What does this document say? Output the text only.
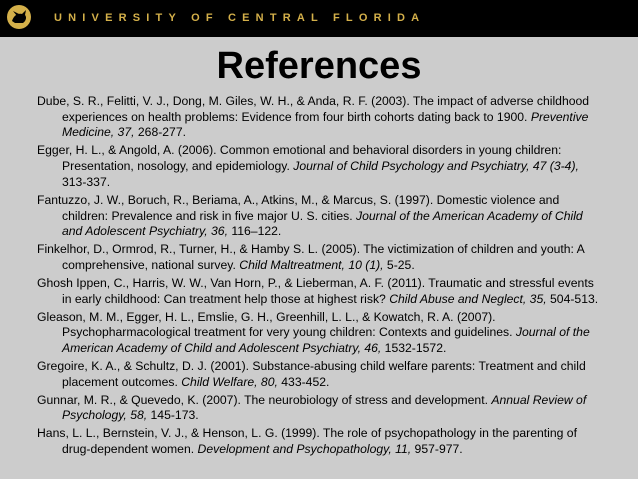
UNIVERSITY OF CENTRAL FLORIDA
References

Dube, S. R., Felitti, V. J., Dong, M. Giles, W. H., & Anda, R. F. (2003). The impact of adverse childhood experiences on health problems: Evidence from four birth cohorts dating back to 1900. Preventive Medicine, 37, 268-277.

Egger, H. L., & Angold, A. (2006). Common emotional and behavioral disorders in young children: Presentation, nosology, and epidemiology. Journal of Child Psychology and Psychiatry, 47 (3-4), 313-337.

Fantuzzo, J. W., Boruch, R., Beriama, A., Atkins, M., & Marcus, S. (1997). Domestic violence and children: Prevalence and risk in five major U. S. cities. Journal of the American Academy of Child and Adolescent Psychiatry, 36, 116–122.

Finkelhor, D., Ormrod, R., Turner, H., & Hamby S. L. (2005). The victimization of children and youth: A comprehensive, national survey. Child Maltreatment, 10 (1), 5-25.

Ghosh Ippen, C., Harris, W. W., Van Horn, P., & Lieberman, A. F. (2011). Traumatic and stressful events in early childhood: Can treatment help those at highest risk? Child Abuse and Neglect, 35, 504-513.

Gleason, M. M., Egger, H. L., Emslie, G. H., Greenhill, L. L., & Kowatch, R. A. (2007). Psychopharmacological treatment for very young children: Contexts and guidelines. Journal of the American Academy of Child and Adolescent Psychiatry, 46, 1532-1572.

Gregoire, K. A., & Schultz, D. J. (2001). Substance-abusing child welfare parents: Treatment and child placement outcomes. Child Welfare, 80, 433-452.

Gunnar, M. R., & Quevedo, K. (2007). The neurobiology of stress and development. Annual Review of Psychology, 58, 145-173.

Hans, L. L., Bernstein, V. J., & Henson, L. G. (1999). The role of psychopathology in the parenting of drug-dependent women. Development and Psychopathology, 11, 957-977.
